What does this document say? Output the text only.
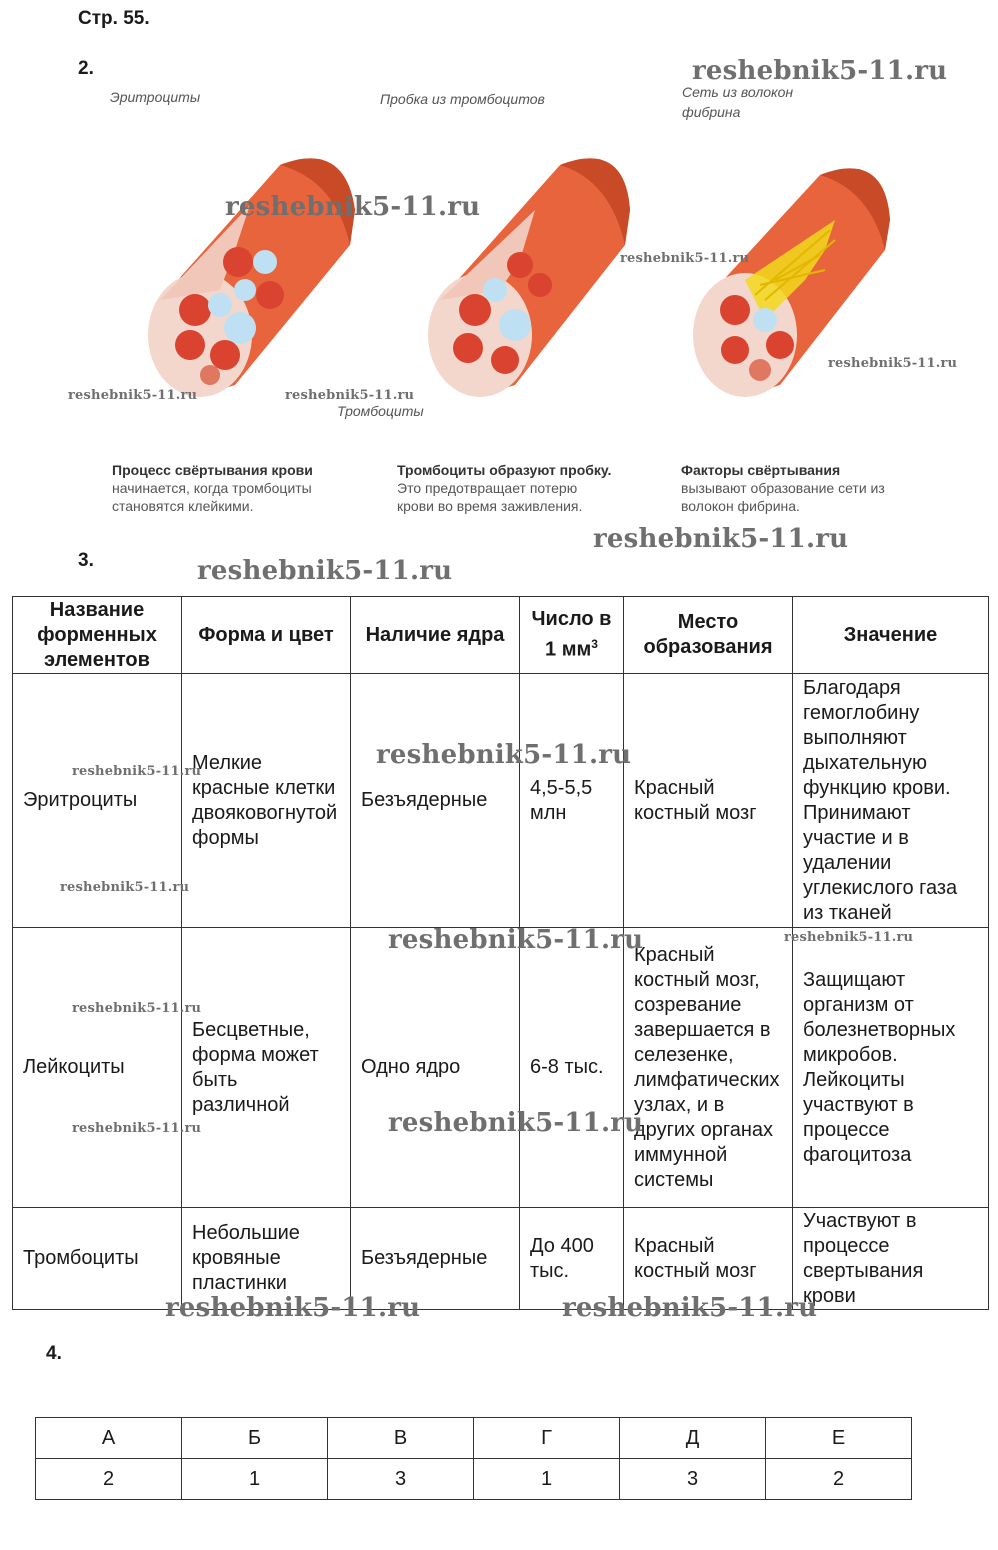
Стр. 55.
2.
Эритроциты	Пробка из тромбоцитов	Сеть из волокон
фибрина
Тромбоциты
Процесс свёртывания крови
начинается, когда тромбоциты
становятся клейкими.
Тромбоциты образуют пробку.
Это предотвращает потерю
крови во время заживления.
Факторы свёртывания
вызывают образование сети из
волокон фибрина.
3.
Название форменных элементов	Форма и цвет	Наличие ядра	Число в 1 $мм^3$	Место образования	Значение
Эритроциты	Мелкие красные клетки двояковогнутой формы	Безъядерные	4,5-5,5 млн	Красный костный мозг	Благодаря гемоглобину выполняют дыхательную функцию крови. Принимают участие и в удалении углекислого газа из тканей
Лейкоциты	Бесцветные, форма может быть различной	Одно ядро	6-8 тыс.	Красный костный мозг, созревание завершается в селезенке, лимфатических узлах, и в других органах иммунной системы	Защищают организм от болезнетворных микробов. Лейкоциты участвуют в процессе фагоцитоза
Тромбоциты	Небольшие кровяные пластинки	Безъядерные	До 400 тыс.	Красный костный мозг	Участвуют в процессе свертывания крови
4.
А	Б	В	Г	Д	Е
2	1	3	1	3	2
reshebnik5-11.ru
reshebnik5-11.ru
reshebnik5-11.ru
reshebnik5-11.ru
reshebnik5-11.ru	reshebnik5-11.ru
reshebnik5-11.ru
reshebnik5-11.ru
reshebnik5-11.ru
reshebnik5-11.ru
reshebnik5-11.ru
reshebnik5-11.ru	reshebnik5-11.ru
reshebnik5-11.ru
reshebnik5-11.ru
reshebnik5-11.ru
reshebnik5-11.ru	reshebnik5-11.ru
